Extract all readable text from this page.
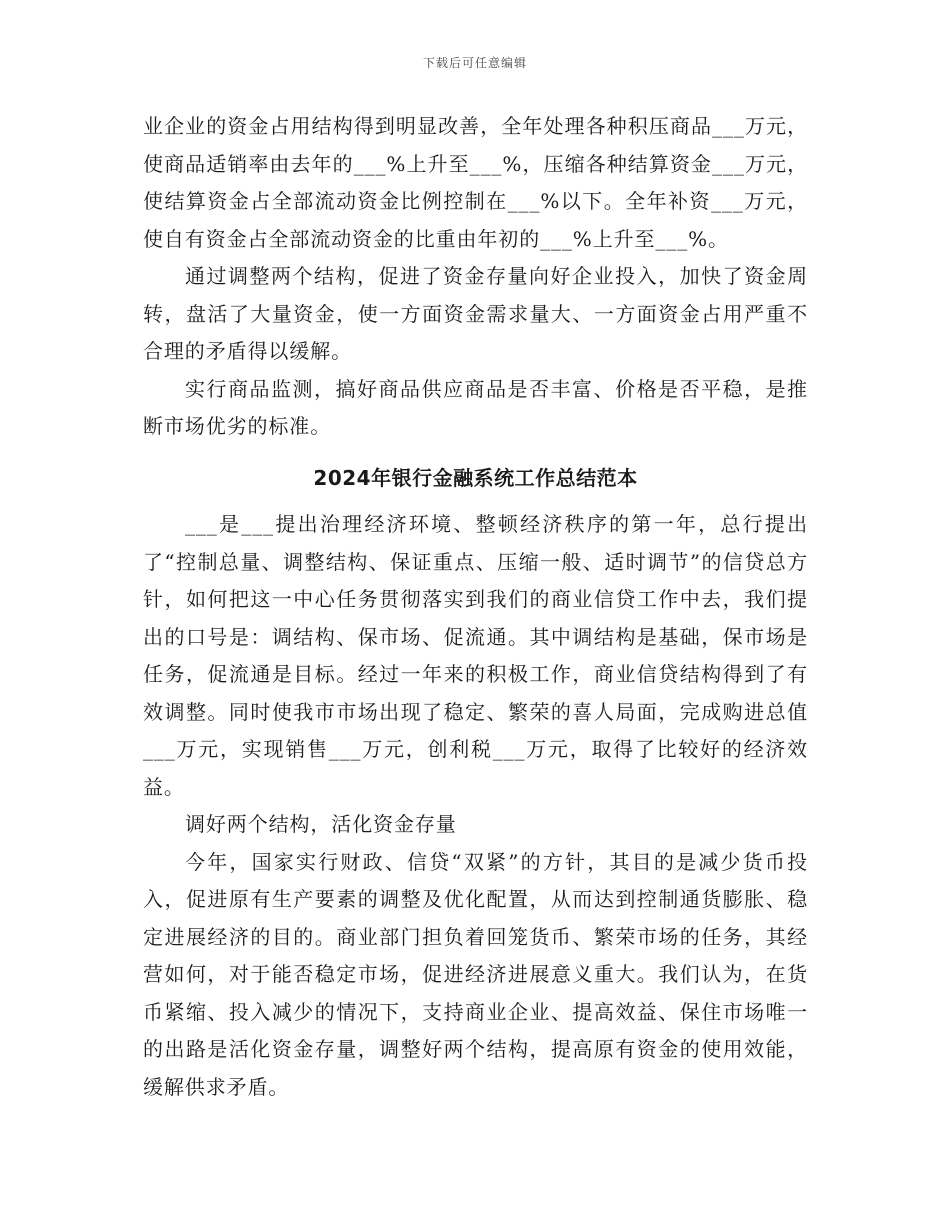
下载后可任意编辑

业企业的资金占用结构得到明显改善，全年处理各种积压商品___万元，使商品适销率由去年的___%上升至___%，压缩各种结算资金___万元，使结算资金占全部流动资金比例控制在___%以下。全年补资___万元，使自有资金占全部流动资金的比重由年初的___%上升至___%。

通过调整两个结构，促进了资金存量向好企业投入，加快了资金周转，盘活了大量资金，使一方面资金需求量大、一方面资金占用严重不合理的矛盾得以缓解。

实行商品监测，搞好商品供应商品是否丰富、价格是否平稳，是推断市场优劣的标准。

2024年银行金融系统工作总结范本

___是___提出治理经济环境、整顿经济秩序的第一年，总行提出了“控制总量、调整结构、保证重点、压缩一般、适时调节”的信贷总方针，如何把这一中心任务贯彻落实到我们的商业信贷工作中去，我们提出的口号是：调结构、保市场、促流通。其中调结构是基础，保市场是任务，促流通是目标。经过一年来的积极工作，商业信贷结构得到了有效调整。同时使我市市场出现了稳定、繁荣的喜人局面，完成购进总值___万元，实现销售___万元，创利税___万元，取得了比较好的经济效益。

调好两个结构，活化资金存量

今年，国家实行财政、信贷“双紧”的方针，其目的是减少货币投入，促进原有生产要素的调整及优化配置，从而达到控制通货膨胀、稳定进展经济的目的。商业部门担负着回笼货币、繁荣市场的任务，其经营如何，对于能否稳定市场，促进经济进展意义重大。我们认为，在货币紧缩、投入减少的情况下，支持商业企业、提高效益、保住市场唯一的出路是活化资金存量，调整好两个结构，提高原有资金的使用效能，缓解供求矛盾。
